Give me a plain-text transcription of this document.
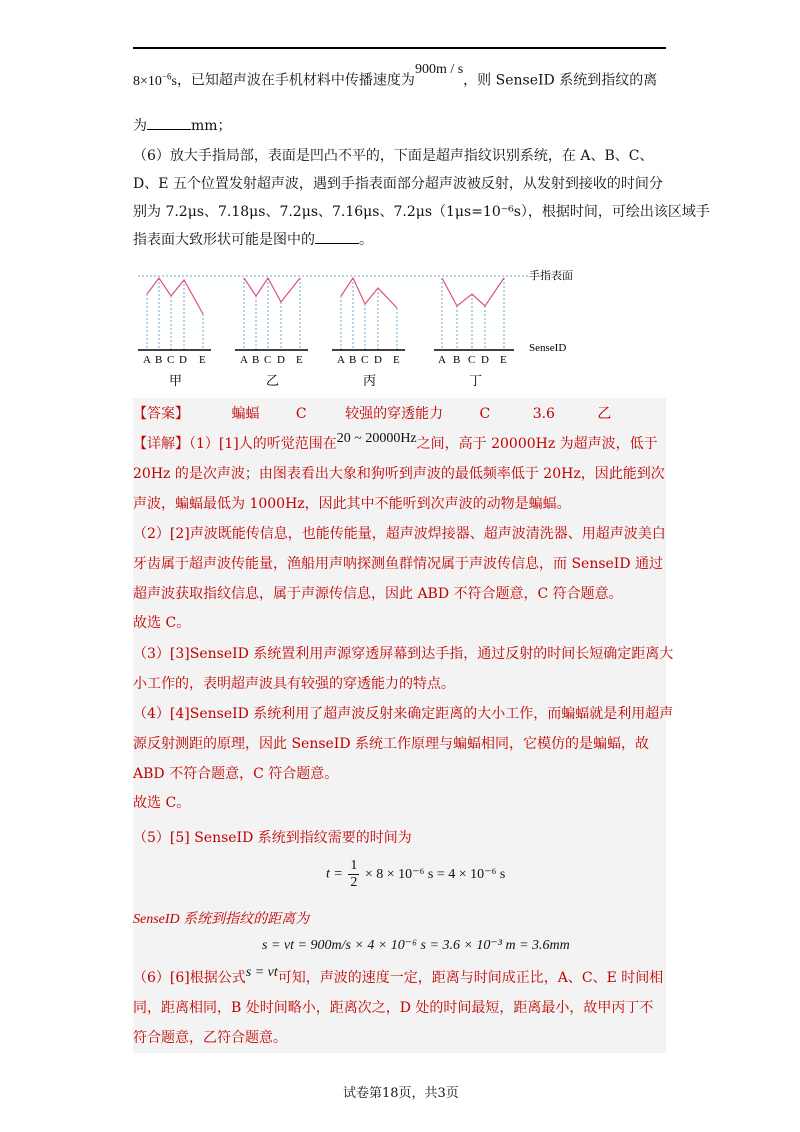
$8\times 10^{-6}s$，已知超声波在手机材料中传播速度为900m / s，则 SenseID 系统到指纹的离
为	mm；
（6）放大手指局部，表面是凹凸不平的，下面是超声指纹识别系统，在 A、B、C、
D、E 五个位置发射超声波，遇到手指表面部分超声波被反射，从发射到接收的时间分
别为 7.2μs、7.18μs、7.2μs、7.16μs、7.2μs（1μs=10⁻⁶s），根据时间，可绘出该区域手
指表面大致形状可能是图中的	。
手指表面
SenseID
A B C D E	A B C D E	A B C D E	A B C D E
甲	乙	丙	丁
【答案】	蝙蝠	C	较强的穿透能力	C	3.6	乙
【详解】（1）[1]人的听觉范围在20 ~ 20000Hz之间，高于 20000Hz 为超声波，低于
20Hz 的是次声波；由图表看出大象和狗听到声波的最低频率低于 20Hz，因此能到次
声波，蝙蝠最低为 1000Hz，因此其中不能听到次声波的动物是蝙蝠。
（2）[2]声波既能传信息，也能传能量，超声波焊接器、超声波清洗器、用超声波美白
牙齿属于超声波传能量，渔船用声呐探测鱼群情况属于声波传信息，而 SenseID 通过
超声波获取指纹信息，属于声源传信息，因此 ABD 不符合题意，C 符合题意。
故选 C。
（3）[3]SenseID 系统置利用声源穿透屏幕到达手指，通过反射的时间长短确定距离大
小工作的，表明超声波具有较强的穿透能力的特点。
（4）[4]SenseID 系统利用了超声波反射来确定距离的大小工作，而蝙蝠就是利用超声
源反射测距的原理，因此 SenseID 系统工作原理与蝙蝠相同，它模仿的是蝙蝠，故
ABD 不符合题意，C 符合题意。
故选 C。
（5）[5] SenseID 系统到指纹需要的时间为
$t = \frac{1}{2} \times 8 \times 10^{-6}$ s = 4 × 10⁻⁶ s
SenseID 系统到指纹的距离为
s = vt = 900m/s × 4 × 10⁻⁶ s = 3.6 × 10⁻³ m = 3.6mm
（6）[6]根据公式s = vt可知，声波的速度一定，距离与时间成正比，A、C、E 时间相
同，距离相同，B 处时间略小，距离次之，D 处的时间最短，距离最小，故甲丙丁不
符合题意，乙符合题意。
试卷第18页，共3页
